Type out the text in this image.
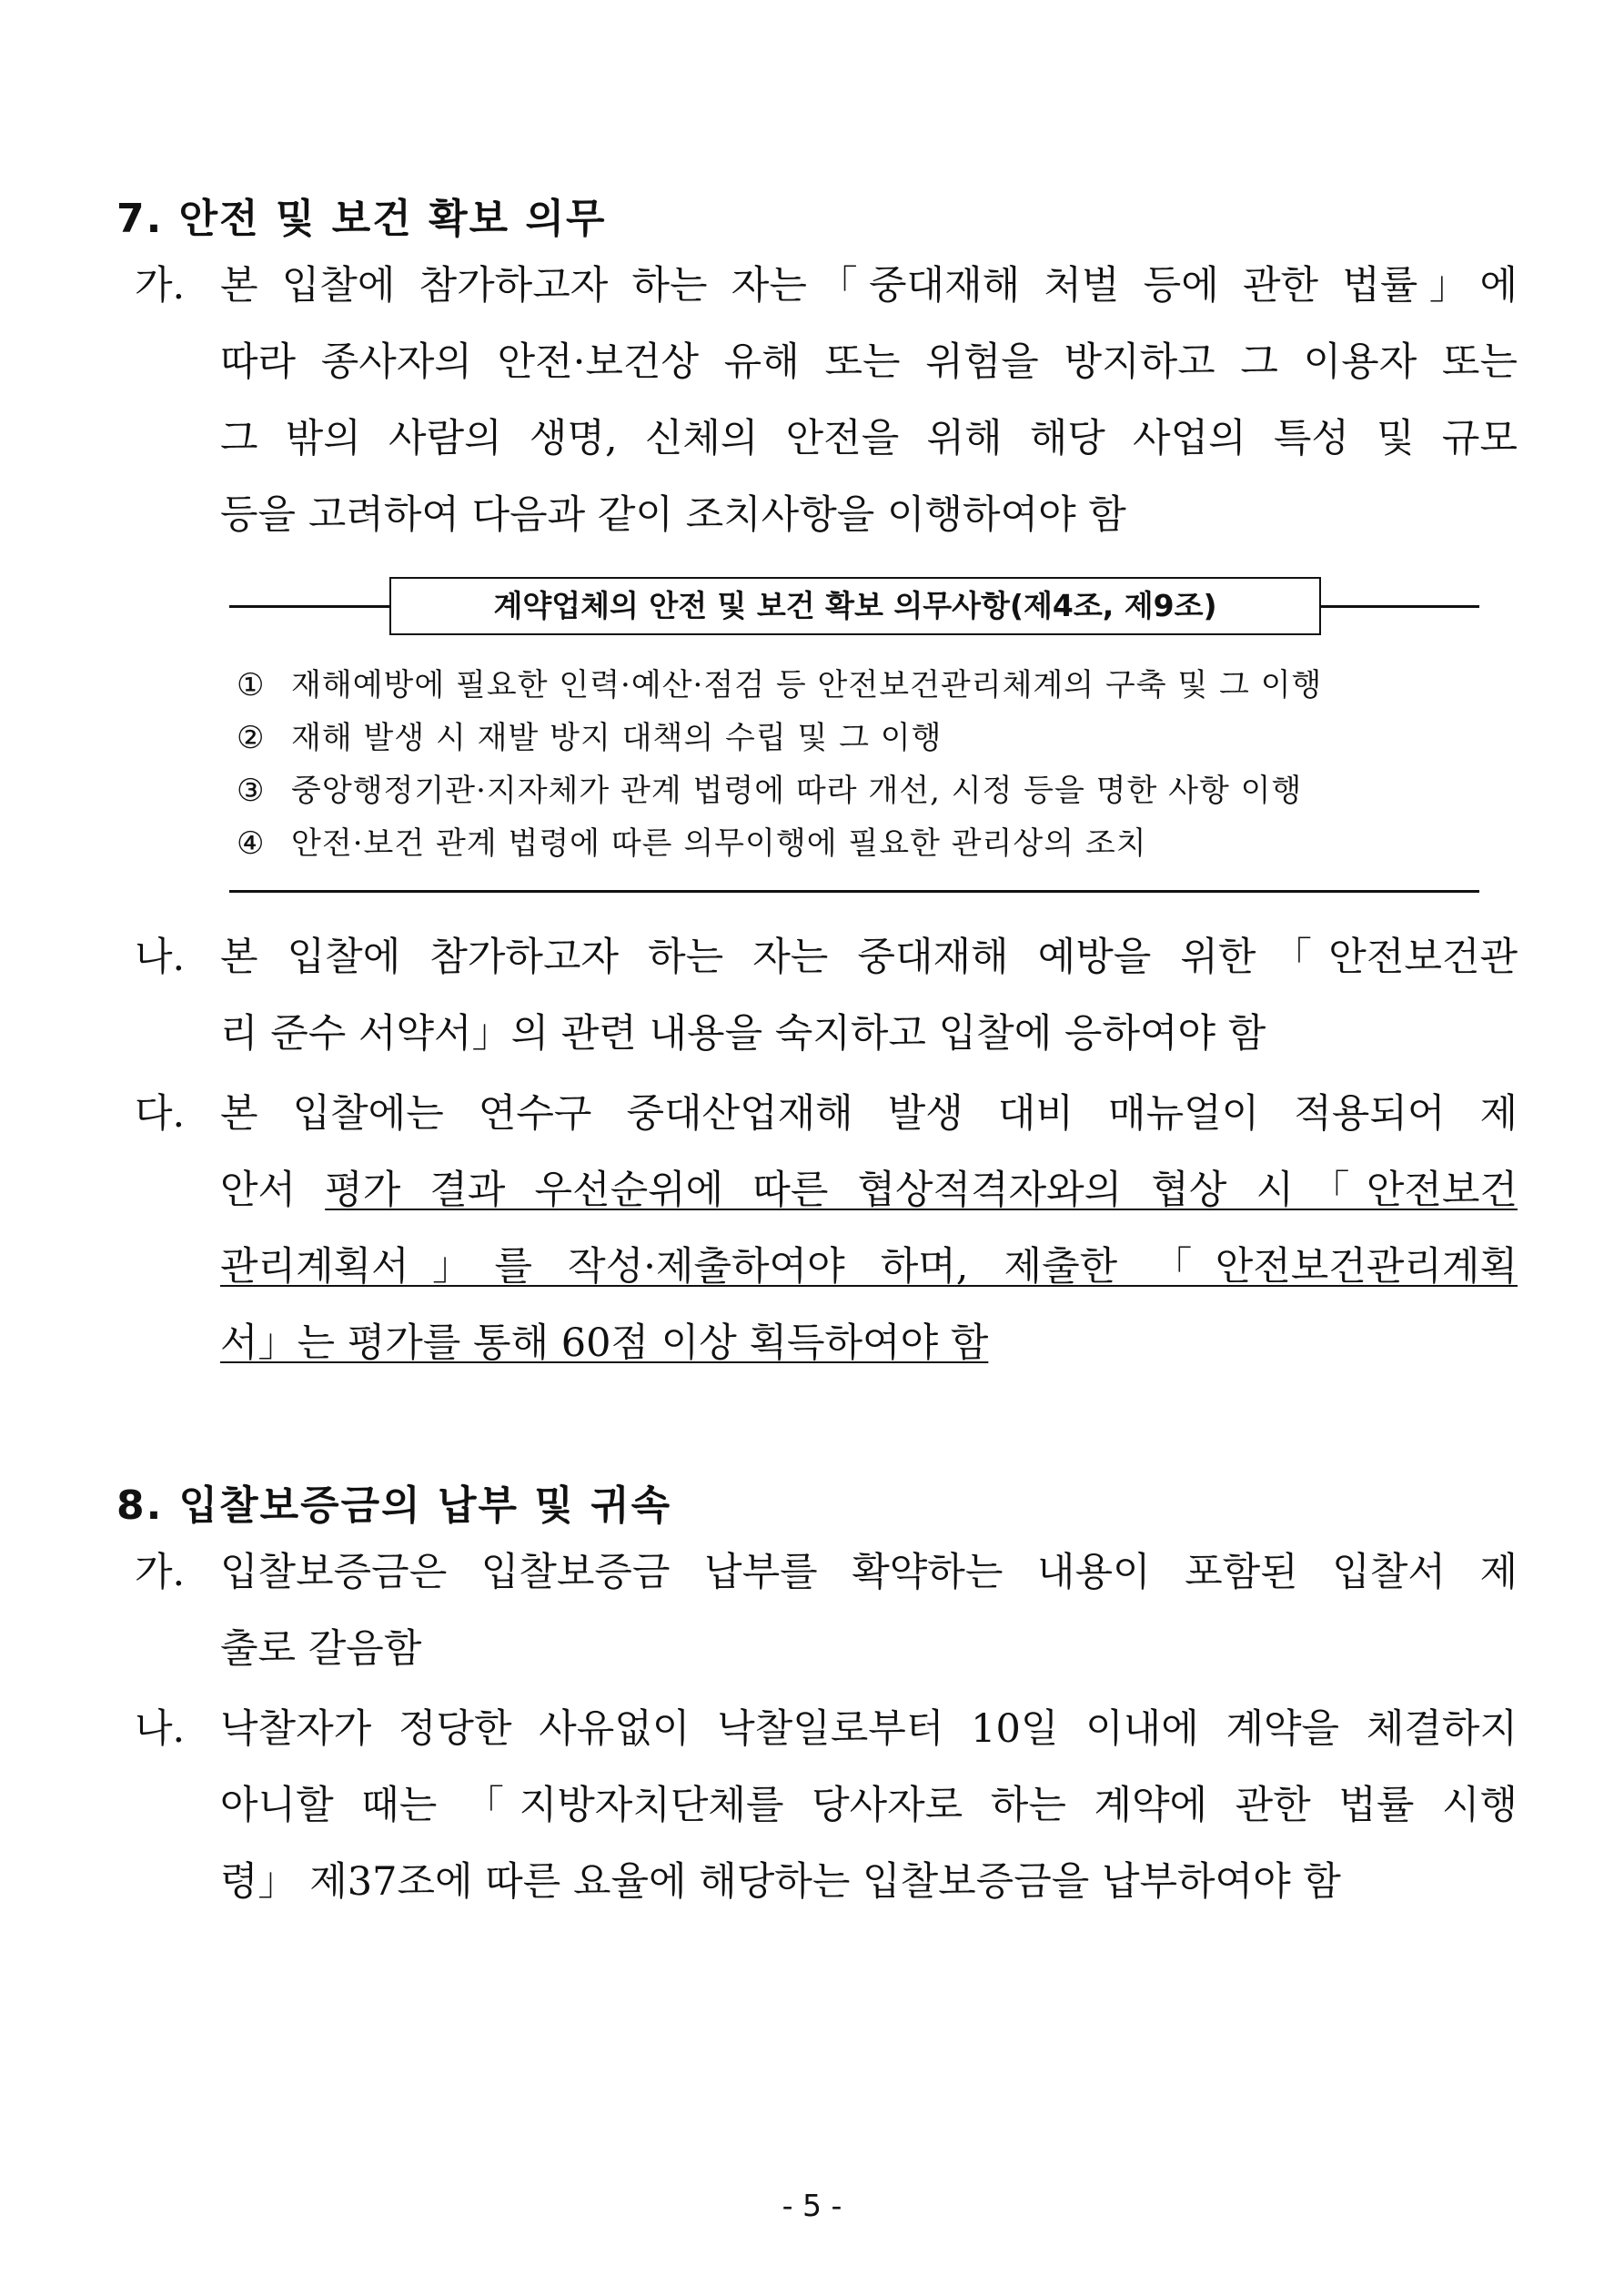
7. 안전 및 보건 확보 의무
가. 본 입찰에 참가하고자 하는 자는「중대재해 처벌 등에 관한 법률」에
따라 종사자의 안전·보건상 유해 또는 위험을 방지하고 그 이용자 또는
그 밖의 사람의 생명, 신체의 안전을 위해 해당 사업의 특성 및 규모
등을 고려하여 다음과 같이 조치사항을 이행하여야 함
계약업체의 안전 및 보건 확보 의무사항(제4조, 제9조)
① 재해예방에 필요한 인력·예산·점검 등 안전보건관리체계의 구축 및 그 이행
② 재해 발생 시 재발 방지 대책의 수립 및 그 이행
③ 중앙행정기관·지자체가 관계 법령에 따라 개선, 시정 등을 명한 사항 이행
④ 안전·보건 관계 법령에 따른 의무이행에 필요한 관리상의 조치
나. 본 입찰에 참가하고자 하는 자는 중대재해 예방을 위한「안전보건관
리 준수 서약서」의 관련 내용을 숙지하고 입찰에 응하여야 함
다. 본 입찰에는 연수구 중대산업재해 발생 대비 매뉴얼이 적용되어 제
안서 평가 결과 우선순위에 따른 협상적격자와의 협상 시「안전보건
관리계획서」를 작성·제출하여야 하며, 제출한 「안전보건관리계획
서」는 평가를 통해 60점 이상 획득하여야 함
8. 입찰보증금의 납부 및 귀속
가. 입찰보증금은 입찰보증금 납부를 확약하는 내용이 포함된 입찰서 제
출로 갈음함
나. 낙찰자가 정당한 사유없이 낙찰일로부터 10일 이내에 계약을 체결하지
아니할 때는 「지방자치단체를 당사자로 하는 계약에 관한 법률 시행
령」 제37조에 따른 요율에 해당하는 입찰보증금을 납부하여야 함
- 5 -
